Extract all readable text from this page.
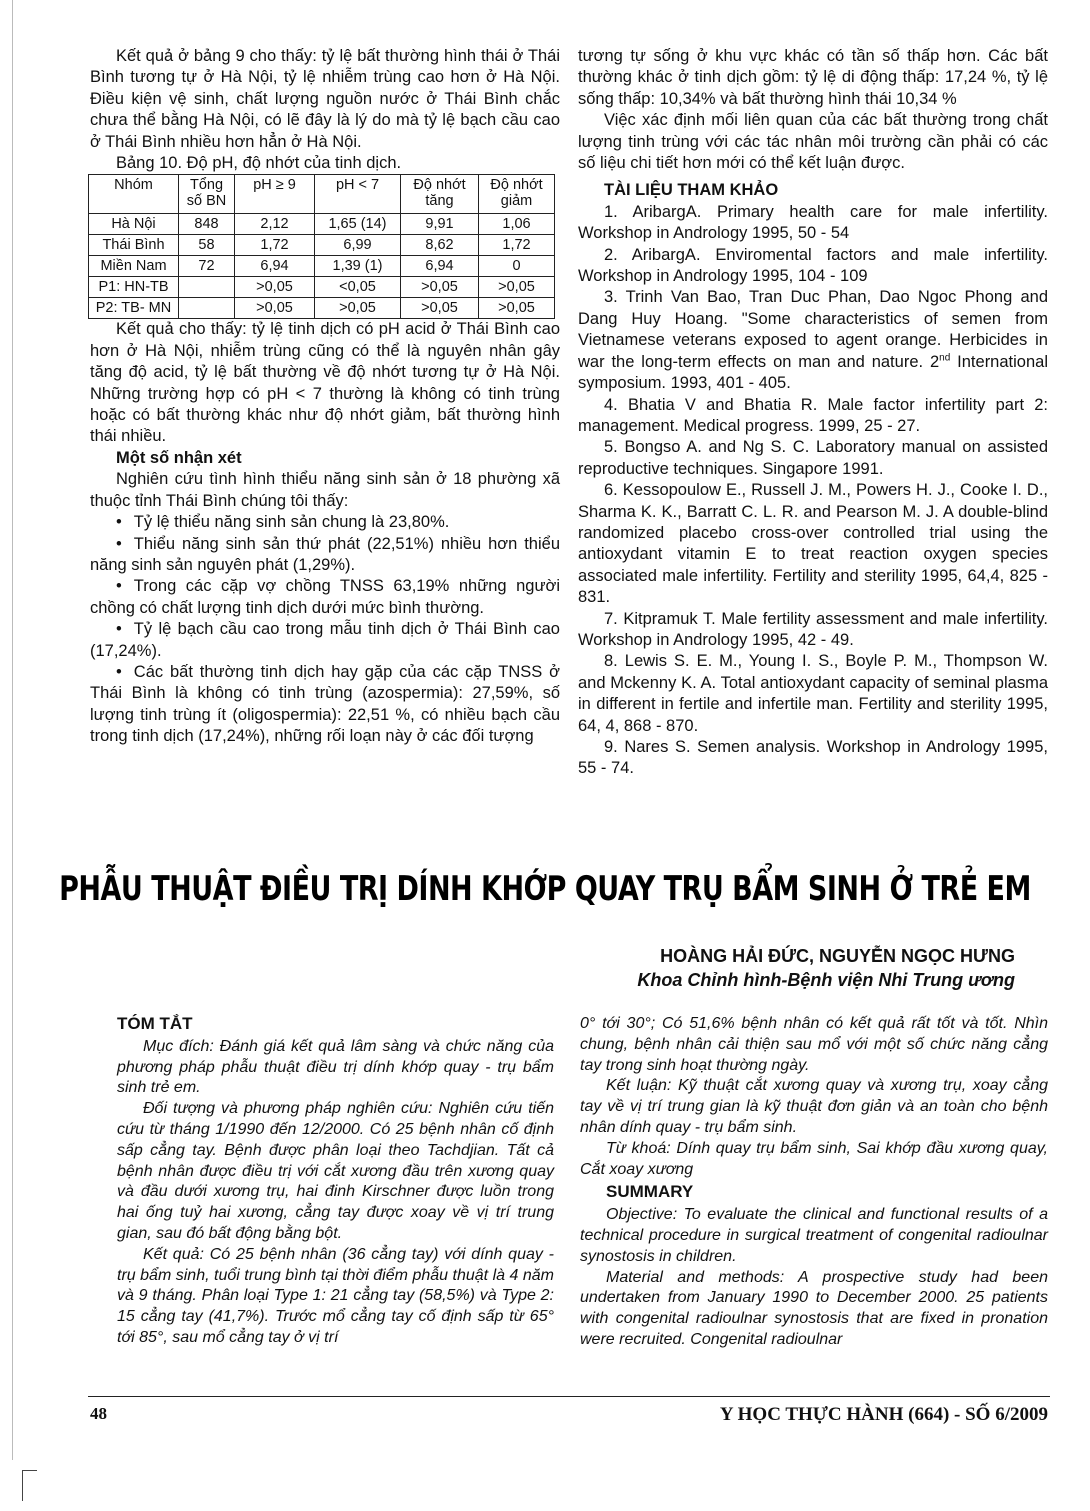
Kết quả ở bảng 9 cho thấy: tỷ lệ bất thường hình thái ở Thái Bình tương tự ở Hà Nội, tỷ lệ nhiễm trùng cao hơn ở Hà Nội. Điều kiện vệ sinh, chất lượng nguồn nước ở Thái Bình chắc chưa thể bằng Hà Nội, có lẽ đây là lý do mà tỷ lệ bạch cầu cao ở Thái Bình nhiều hơn hẳn ở Hà Nội.

Bảng 10. Độ pH, độ nhớt của tinh dịch.

Nhóm	Tổng số BN	pH ≥ 9	pH < 7	Độ nhớt tăng	Độ nhớt giảm
Hà Nội	848	2,12	1,65 (14)	9,91	1,06
Thái Bình	58	1,72	6,99	8,62	1,72
Miền Nam	72	6,94	1,39 (1)	6,94	0
P1: HN-TB		>0,05	<0,05	>0,05	>0,05
P2: TB- MN		>0,05	>0,05	>0,05	>0,05

Kết quả cho thấy: tỷ lệ tinh dịch có pH acid ở Thái Bình cao hơn ở Hà Nội, nhiễm trùng cũng có thể là nguyên nhân gây tăng độ acid, tỷ lệ bất thường về độ nhớt tương tự ở Hà Nội. Những trường hợp có pH < 7 thường là không có tinh trùng hoặc có bất thường khác như độ nhớt giảm, bất thường hình thái nhiều.

Một số nhận xét

Nghiên cứu tình hình thiểu năng sinh sản ở 18 phường xã thuộc tỉnh Thái Bình chúng tôi thấy:

• Tỷ lệ thiểu năng sinh sản chung là 23,80%.
• Thiểu năng sinh sản thứ phát (22,51%) nhiều hơn thiểu năng sinh sản nguyên phát (1,29%).
• Trong các cặp vợ chồng TNSS 63,19% những người chồng có chất lượng tinh dịch dưới mức bình thường.
• Tỷ lệ bạch cầu cao trong mẫu tinh dịch ở Thái Bình cao (17,24%).
• Các bất thường tinh dịch hay gặp của các cặp TNSS ở Thái Bình là không có tinh trùng (azospermia): 27,59%, số lượng tinh trùng ít (oligospermia): 22,51 %, có nhiều bạch cầu trong tinh dịch (17,24%), những rối loạn này ở các đối tượng

tương tự sống ở khu vực khác có tần số thấp hơn. Các bất thường khác ở tinh dịch gồm: tỷ lệ di động thấp: 17,24 %, tỷ lệ sống thấp: 10,34% và bất thường hình thái 10,34 %

Việc xác định mối liên quan của các bất thường trong chất lượng tinh trùng với các tác nhân môi trường cần phải có các số liệu chi tiết hơn mới có thể kết luận được.

TÀI LIỆU THAM KHẢO

1. AribargA. Primary health care for male infertility. Workshop in Andrology 1995, 50 - 54

2. AribargA. Enviromental factors and male infertility. Workshop in Andrology 1995, 104 - 109

3. Trinh Van Bao, Tran Duc Phan, Dao Ngoc Phong and Dang Huy Hoang. "Some characteristics of semen from Vietnamese veterans exposed to agent orange. Herbicides in war the long-term effects on man and nature. 2nd International symposium. 1993, 401 - 405.

4. Bhatia V and Bhatia R. Male factor infertility part 2: management. Medical progress. 1999, 25 - 27.

5. Bongso A. and Ng S. C. Laboratory manual on assisted reproductive techniques. Singapore 1991.

6. Kessopoulow E., Russell J. M., Powers H. J., Cooke I. D., Sharma K. K., Barratt C. L. R. and Pearson M. J. A double-blind randomized placebo cross-over controlled trial using the antioxydant vitamin E to treat reaction oxygen species associated male infertility. Fertility and sterility 1995, 64,4, 825 - 831.

7. Kitpramuk T. Male fertility assessment and male infertility. Workshop in Andrology 1995, 42 - 49.

8. Lewis S. E. M., Young I. S., Boyle P. M., Thompson W. and Mckenny K. A. Total antioxydant capacity of seminal plasma in different in fertile and infertile man. Fertility and sterility 1995, 64, 4, 868 - 870.

9. Nares S. Semen analysis. Workshop in Andrology 1995, 55 - 74.

PHẪU THUẬT ĐIỀU TRỊ DÍNH KHỚP QUAY TRỤ BẨM SINH Ở TRẺ EM
HOÀNG HẢI ĐỨC, NGUYỄN NGỌC HƯNG
Khoa Chỉnh hình-Bệnh viện Nhi Trung ương

TÓM TẮT

Mục đích: Đánh giá kết quả lâm sàng và chức năng của phương pháp phẫu thuật điều trị dính khớp quay - trụ bẩm sinh trẻ em.

Đối tượng và phương pháp nghiên cứu: Nghiên cứu tiến cứu từ tháng 1/1990 đến 12/2000. Có 25 bệnh nhân cố định sấp cẳng tay. Bệnh được phân loại theo Tachdjian. Tất cả bệnh nhân được điều trị với cắt xương đầu trên xương quay và đầu dưới xương trụ, hai đinh Kirschner được luồn trong hai ống tuỷ hai xương, cẳng tay được xoay về vị trí trung gian, sau đó bất động bằng bột.

Kết quả: Có 25 bệnh nhân (36 cẳng tay) với dính quay - trụ bẩm sinh, tuổi trung bình tại thời điểm phẫu thuật là 4 năm và 9 tháng. Phân loại Type 1: 21 cẳng tay (58,5%) và Type 2: 15 cẳng tay (41,7%). Trước mổ cẳng tay cố định sấp từ 65° tới 85°, sau mổ cẳng tay ở vị trí

0° tới 30°; Có 51,6% bệnh nhân có kết quả rất tốt và tốt. Nhìn chung, bệnh nhân cải thiện sau mổ với một số chức năng cẳng tay trong sinh hoạt thường ngày.

Kết luận: Kỹ thuật cắt xương quay và xương trụ, xoay cẳng tay về vị trí trung gian là kỹ thuật đơn giản và an toàn cho bệnh nhân dính quay - trụ bẩm sinh.

Từ khoá: Dính quay trụ bẩm sinh, Sai khớp đầu xương quay, Cắt xoay xương

SUMMARY

Objective: To evaluate the clinical and functional results of a technical procedure in surgical treatment of congenital radioulnar synostosis in children.

Material and methods: A prospective study had been undertaken from January 1990 to December 2000. 25 patients with congenital radioulnar synostosis that are fixed in pronation were recruited. Congenital radioulnar

48	Y HỌC THỰC HÀNH (664) - SỐ 6/2009
